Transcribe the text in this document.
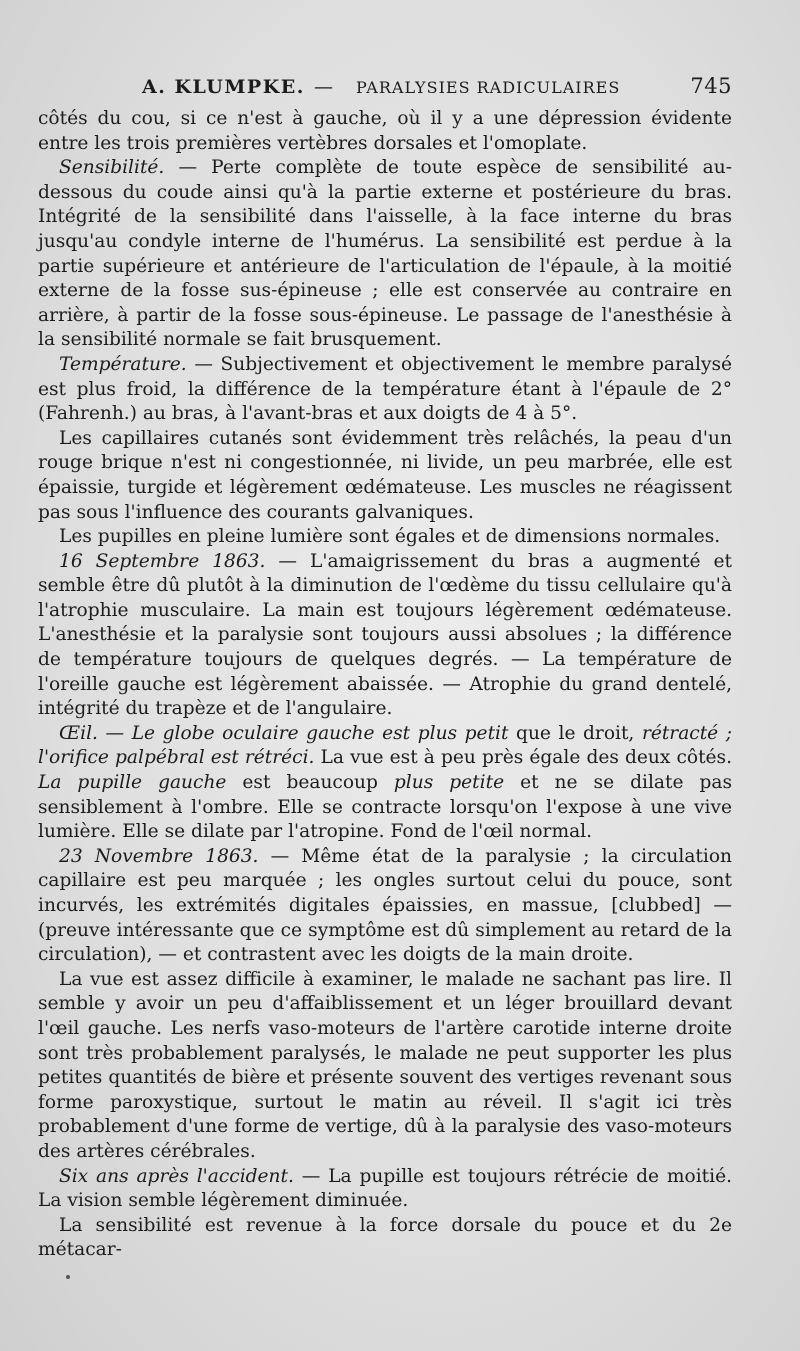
A. KLUMPKE. — PARALYSIES RADICULAIRES	745

côtés du cou, si ce n'est à gauche, où il y a une dépression évidente entre les trois premières vertèbres dorsales et l'omoplate.

Sensibilité. — Perte complète de toute espèce de sensibilité au-dessous du coude ainsi qu'à la partie externe et postérieure du bras. Intégrité de la sensibilité dans l'aisselle, à la face interne du bras jusqu'au condyle interne de l'humérus. La sensibilité est perdue à la partie supérieure et antérieure de l'articulation de l'épaule, à la moitié externe de la fosse sus-épineuse ; elle est conservée au contraire en arrière, à partir de la fosse sous-épineuse. Le passage de l'anesthésie à la sensibilité normale se fait brusquement.

Température. — Subjectivement et objectivement le membre paralysé est plus froid, la différence de la température étant à l'épaule de 2° (Fahrenh.) au bras, à l'avant-bras et aux doigts de 4 à 5°.

Les capillaires cutanés sont évidemment très relâchés, la peau d'un rouge brique n'est ni congestionnée, ni livide, un peu marbrée, elle est épaissie, turgide et légèrement œdémateuse. Les muscles ne réagissent pas sous l'influence des courants galvaniques.

Les pupilles en pleine lumière sont égales et de dimensions normales.

16 Septembre 1863. — L'amaigrissement du bras a augmenté et semble être dû plutôt à la diminution de l'œdème du tissu cellulaire qu'à l'atrophie musculaire. La main est toujours légèrement œdémateuse. L'anesthésie et la paralysie sont toujours aussi absolues ; la différence de température toujours de quelques degrés. — La température de l'oreille gauche est légèrement abaissée. — Atrophie du grand dentelé, intégrité du trapèze et de l'angulaire.

Œil. — Le globe oculaire gauche est plus petit que le droit, rétracté ; l'orifice palpébral est rétréci. La vue est à peu près égale des deux côtés. La pupille gauche est beaucoup plus petite et ne se dilate pas sensiblement à l'ombre. Elle se contracte lorsqu'on l'expose à une vive lumière. Elle se dilate par l'atropine. Fond de l'œil normal.

23 Novembre 1863. — Même état de la paralysie ; la circulation capillaire est peu marquée ; les ongles surtout celui du pouce, sont incurvés, les extrémités digitales épaissies, en massue, [clubbed] — (preuve intéressante que ce symptôme est dû simplement au retard de la circulation), — et contrastent avec les doigts de la main droite.

La vue est assez difficile à examiner, le malade ne sachant pas lire. Il semble y avoir un peu d'affaiblissement et un léger brouillard devant l'œil gauche. Les nerfs vaso-moteurs de l'artère carotide interne droite sont très probablement paralysés, le malade ne peut supporter les plus petites quantités de bière et présente souvent des vertiges revenant sous forme paroxystique, surtout le matin au réveil. Il s'agit ici très probablement d'une forme de vertige, dû à la paralysie des vaso-moteurs des artères cérébrales.

Six ans après l'accident. — La pupille est toujours rétrécie de moitié. La vision semble légèrement diminuée.

La sensibilité est revenue à la force dorsale du pouce et du 2e métacar-
